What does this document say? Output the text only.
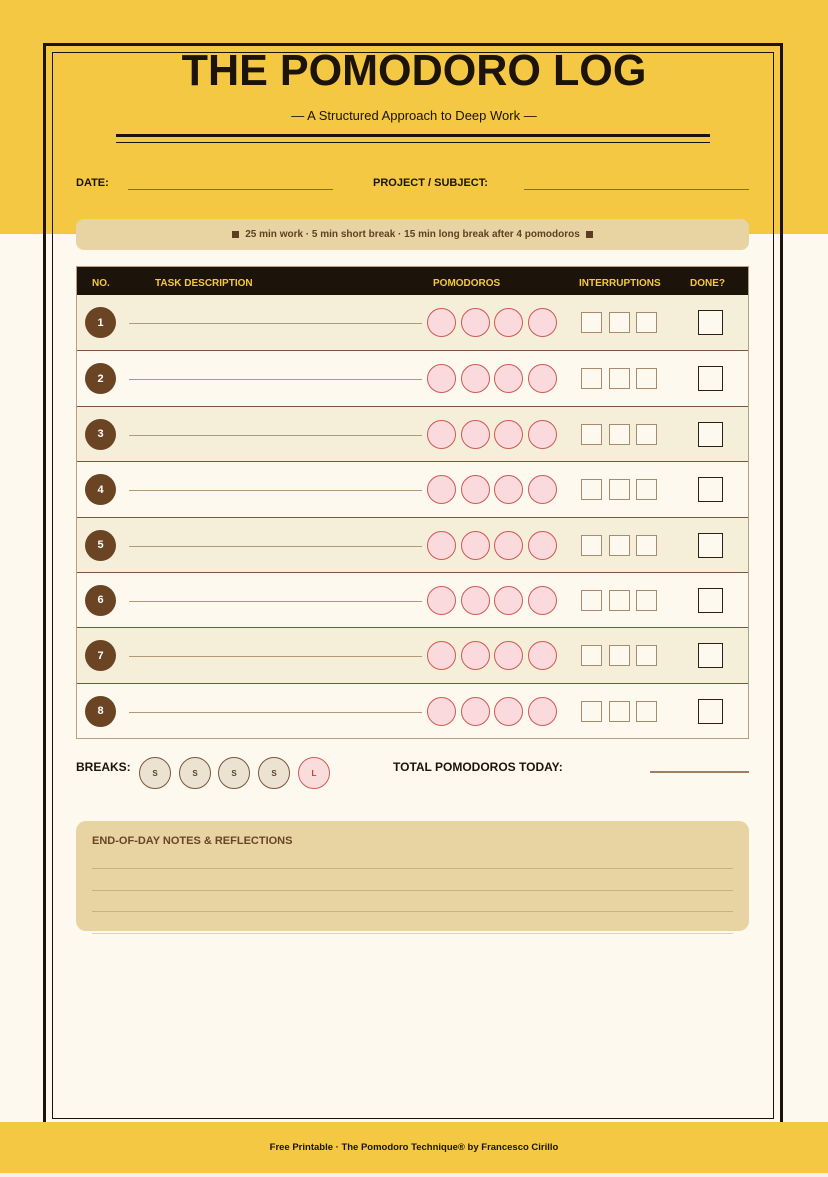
THE POMODORO LOG
— A Structured Approach to Deep Work —
DATE:	PROJECT / SUBJECT:
25 min work · 5 min short break · 15 min long break after 4 pomodoros
NO.	TASK DESCRIPTION	POMODOROS	INTERRUPTIONS	DONE?
1
2
3
4
5
6
7
8
BREAKS:	S	S	S	S	L	TOTAL POMODOROS TODAY:
END-OF-DAY NOTES & REFLECTIONS
Free Printable · The Pomodoro Technique® by Francesco Cirillo
